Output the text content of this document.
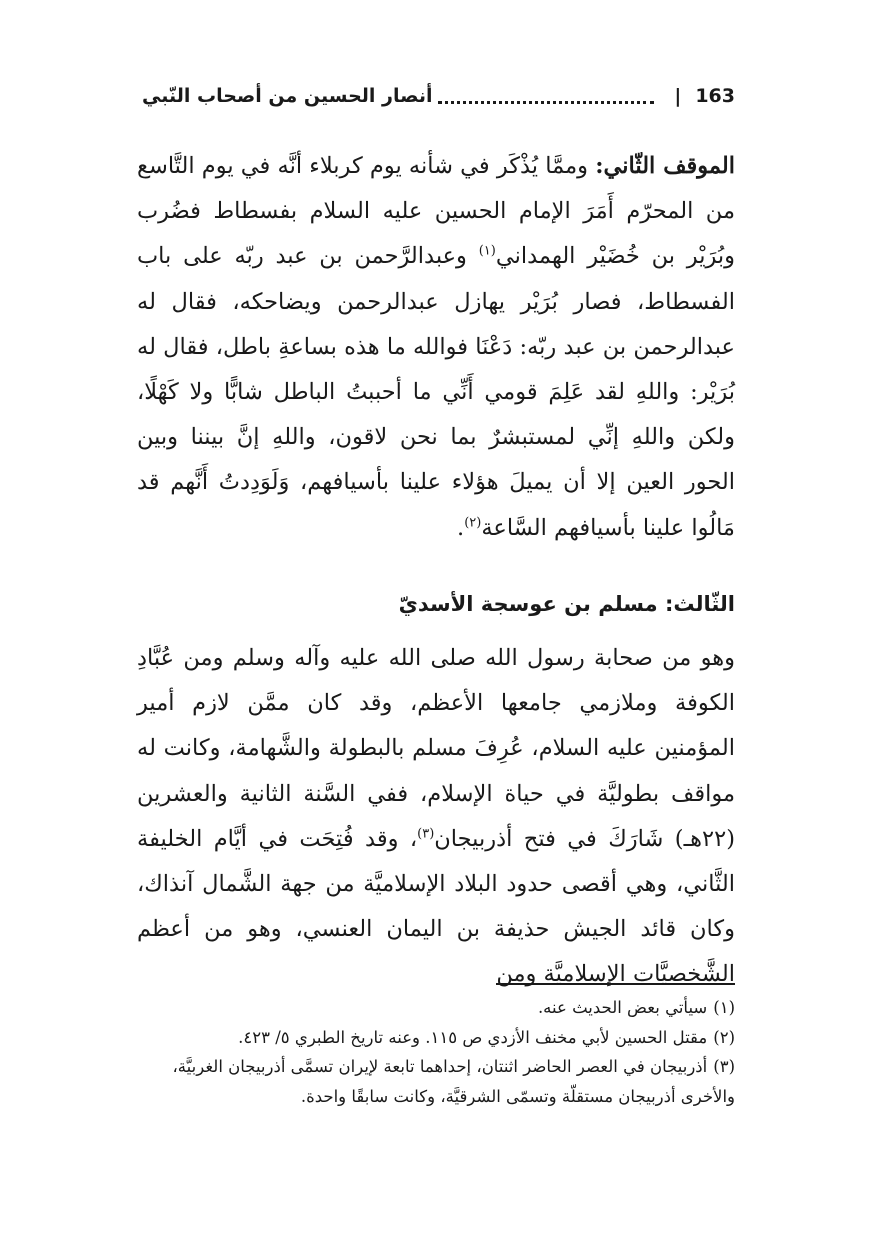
أنصار الحسين من أصحاب النّبي	| 163

الموقف الثّاني: وممَّا يُذْكَر في شأنه يوم كربلاء أنَّه في يوم التَّاسع من المحرّم أَمَرَ الإمام الحسين عليه السلام بفسطاط فضُرب وبُرَيْر بن خُضَيْر الهمداني$^{(١)}$ وعبدالرَّحمن بن عبد ربّه على باب الفسطاط، فصار بُرَيْر يهازل عبدالرحمن ويضاحكه، فقال له عبدالرحمن بن عبد ربّه: دَعْنَا فوالله ما هذه بساعةِ باطل، فقال له بُرَيْر: واللهِ لقد عَلِمَ قومي أَنِّي ما أحببتُ الباطل شابًّا ولا كَهْلًا، ولكن واللهِ إنِّي لمستبشرٌ بما نحن لاقون، واللهِ إنَّ بيننا وبين الحور العين إلا أن يميلَ هؤلاء علينا بأسيافهم، وَلَوَدِدتُ أَنَّهم قد مَالُوا علينا بأسيافهم السَّاعة$^{(٢)}$.

الثّالث: مسلم بن عوسجة الأسديّ

وهو من صحابة رسول الله صلى الله عليه وآله وسلم ومن عُبَّادِ الكوفة وملازمي جامعها الأعظم، وقد كان ممَّن لازم أمير المؤمنين عليه السلام، عُرِفَ مسلم بالبطولة والشَّهامة، وكانت له مواقف بطوليَّة في حياة الإسلام، ففي السَّنة الثانية والعشرين (٢٢هـ) شَارَكَ في فتح أذربيجان$^{(٣)}$، وقد فُتِحَت في أيَّام الخليفة الثَّاني، وهي أقصى حدود البلاد الإسلاميَّة من جهة الشَّمال آنذاك، وكان قائد الجيش حذيفة بن اليمان العنسي، وهو من أعظم الشَّخصيَّات الإسلاميَّة ومن

(١)سيأتي بعض الحديث عنه.

(٢)مقتل الحسين لأبي مخنف الأزدي ص ١١٥. وعنه تاريخ الطبري ٥/ ٤٢٣.

(٣)أذربيجان في العصر الحاضر اثنتان، إحداهما تابعة لإيران تسمَّى أذربيجان الغربيَّة، والأخرى أذربيجان مستقلّة وتسمّى الشرقيَّة، وكانت سابقًا واحدة.
